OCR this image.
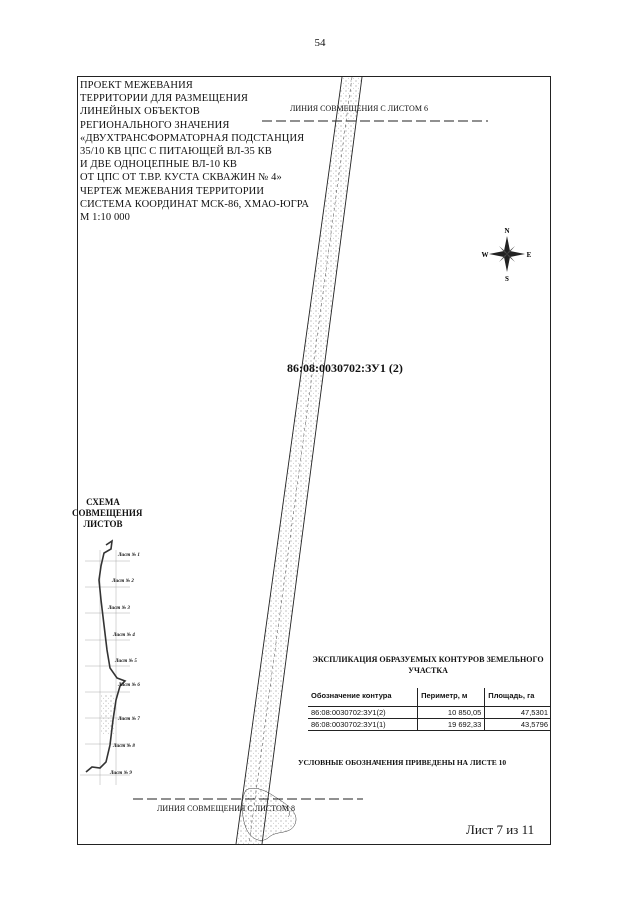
54
N
S
E
W
ПРОЕКТ МЕЖЕВАНИЯ
ТЕРРИТОРИИ ДЛЯ РАЗМЕЩЕНИЯ
ЛИНЕЙНЫХ ОБЪЕКТОВ
РЕГИОНАЛЬНОГО ЗНАЧЕНИЯ
«ДВУХТРАНСФОРМАТОРНАЯ ПОДСТАНЦИЯ
35/10 КВ ЦПС С ПИТАЮЩЕЙ ВЛ-35 КВ
И ДВЕ ОДНОЦЕПНЫЕ ВЛ-10 КВ
ОТ ЦПС ОТ Т.ВР. КУСТА СКВАЖИН № 4»
ЧЕРТЕЖ МЕЖЕВАНИЯ ТЕРРИТОРИИ
СИСТЕМА КООРДИНАТ МСК-86, ХМАО-ЮГРА
М 1:10 000
ЛИНИЯ СОВМЕЩЕНИЯ С ЛИСТОМ 6
ЛИНИЯ СОВМЕЩЕНИЯ С ЛИСТОМ 8
86:08:0030702:ЗУ1 (2)
СХЕМА СОВМЕЩЕНИЯ ЛИСТОВ
Лист № 1
Лист № 2
Лист № 3
Лист № 4
Лист № 5
Лист № 6
Лист № 7
Лист № 8
Лист № 9
ЭКСПЛИКАЦИЯ ОБРАЗУЕМЫХ КОНТУРОВ ЗЕМЕЛЬНОГО УЧАСТКА
Обозначение контура	Периметр, м	Площадь, га
86:08:0030702:ЗУ1(2)	10 850,05	47,5301
86:08:0030702:ЗУ1(1)	19 692,33	43,5796
УСЛОВНЫЕ ОБОЗНАЧЕНИЯ ПРИВЕДЕНЫ НА ЛИСТЕ 10
Лист 7 из 11
